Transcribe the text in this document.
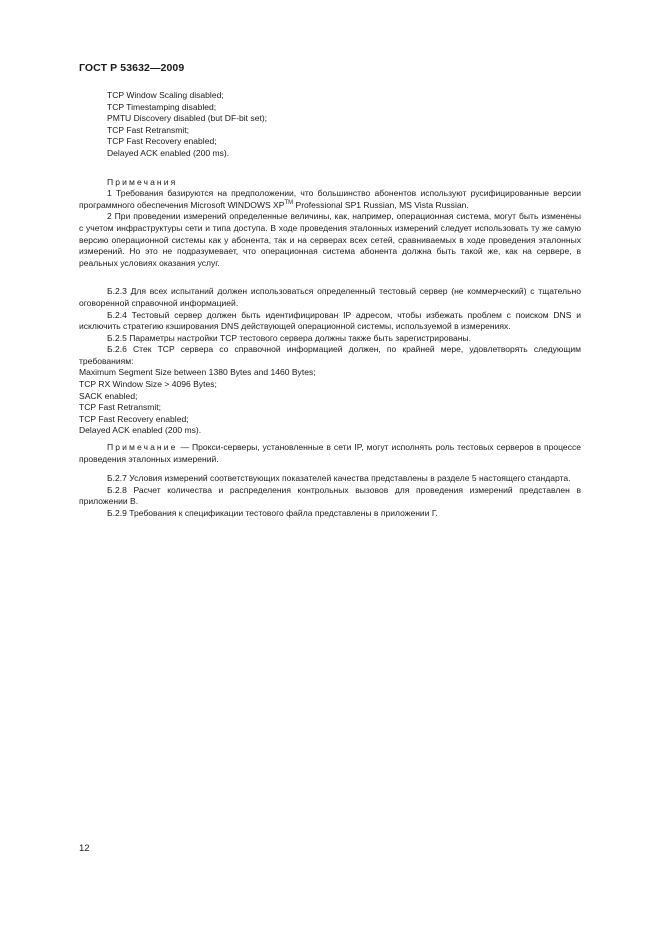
ГОСТ Р 53632—2009

TCP Window Scaling disabled;

TCP Timestamping disabled;

PMTU Discovery disabled (but DF-bit set);

TCP Fast Retransmit;

TCP Fast Recovery enabled;

Delayed ACK enabled (200 ms).

Примечания

1 Требования базируются на предположении, что большинство абонентов используют русифицированные версии программного обеспечения Microsoft WINDOWS XP™ Professional SP1 Russian, MS Vista Russian.

2 При проведении измерений определенные величины, как, например, операционная система, могут быть изменены с учетом инфраструктуры сети и типа доступа. В ходе проведения эталонных измерений следует использовать ту же самую версию операционной системы как у абонента, так и на серверах всех сетей, сравниваемых в ходе проведения эталонных измерений. Но это не подразумевает, что операционная система абонента должна быть такой же, как на сервере, в реальных условиях оказания услуг.

Б.2.3 Для всех испытаний должен использоваться определенный тестовый сервер (не коммерческий) с тщательно оговоренной справочной информацией.

Б.2.4 Тестовый сервер должен быть идентифицирован IP адресом, чтобы избежать проблем с поиском DNS и исключить стратегию кэширования DNS действующей операционной системы, используемой в измерениях.

Б.2.5 Параметры настройки TCP тестового сервера должны также быть зарегистрированы.

Б.2.6 Стек TCP сервера со справочной информацией должен, по крайней мере, удовлетворять следующим требованиям:

Maximum Segment Size between 1380 Bytes and 1460 Bytes;

TCP RX Window Size > 4096 Bytes;

SACK enabled;

TCP Fast Retransmit;

TCP Fast Recovery enabled;

Delayed ACK enabled (200 ms).

Примечание — Прокси-серверы, установленные в сети IP, могут исполнять роль тестовых серверов в процессе проведения эталонных измерений.

Б.2.7 Условия измерений соответствующих показателей качества представлены в разделе 5 настоящего стандарта.

Б.2.8 Расчет количества и распределения контрольных вызовов для проведения измерений представлен в приложении В.

Б.2.9 Требования к спецификации тестового файла представлены в приложении Г.

12
